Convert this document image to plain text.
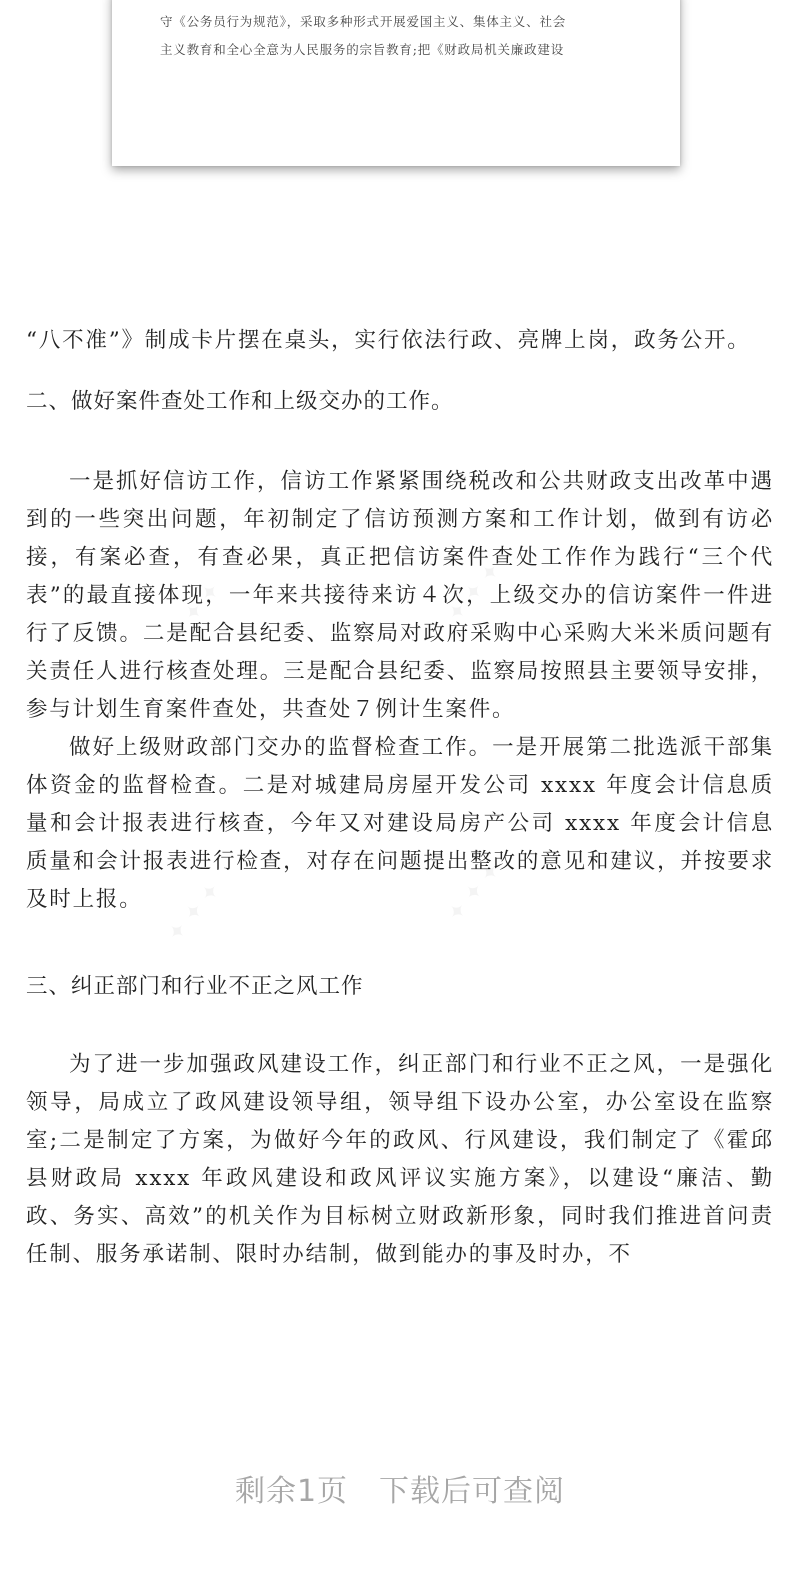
守《公务员行为规范》，采取多种形式开展爱国主义、集体主义、社会
主义教育和全心全意为人民服务的宗旨教育;把《财政局机关廉政建设

“八不准”》制成卡片摆在桌头，实行依法行政、亮牌上岗，政务公开。

二、做好案件查处工作和上级交办的工作。

一是抓好信访工作，信访工作紧紧围绕税改和公共财政支出改革中遇到的一些突出问题，年初制定了信访预测方案和工作计划，做到有访必接，有案必查，有查必果，真正把信访案件查处工作作为践行“三个代表”的最直接体现，一年来共接待来访４次，上级交办的信访案件一件进行了反馈。二是配合县纪委、监察局对政府采购中心采购大米米质问题有关责任人进行核查处理。三是配合县纪委、监察局按照县主要领导安排，参与计划生育案件查处，共查处７例计生案件。

做好上级财政部门交办的监督检查工作。一是开展第二批选派干部集体资金的监督检查。二是对城建局房屋开发公司 xxxx 年度会计信息质量和会计报表进行核查，今年又对建设局房产公司 xxxx 年度会计信息质量和会计报表进行检查，对存在问题提出整改的意见和建议，并按要求及时上报。

三、纠正部门和行业不正之风工作

为了进一步加强政风建设工作，纠正部门和行业不正之风，一是强化领导，局成立了政风建设领导组，领导组下设办公室，办公室设在监察室;二是制定了方案，为做好今年的政风、行风建设，我们制定了《霍邱县财政局 xxxx 年政风建设和政风评议实施方案》，以建设“廉洁、勤政、务实、高效”的机关作为目标树立财政新形象，同时我们推进首问责任制、服务承诺制、限时办结制，做到能办的事及时办，不

剩余1页　下载后可查阅
